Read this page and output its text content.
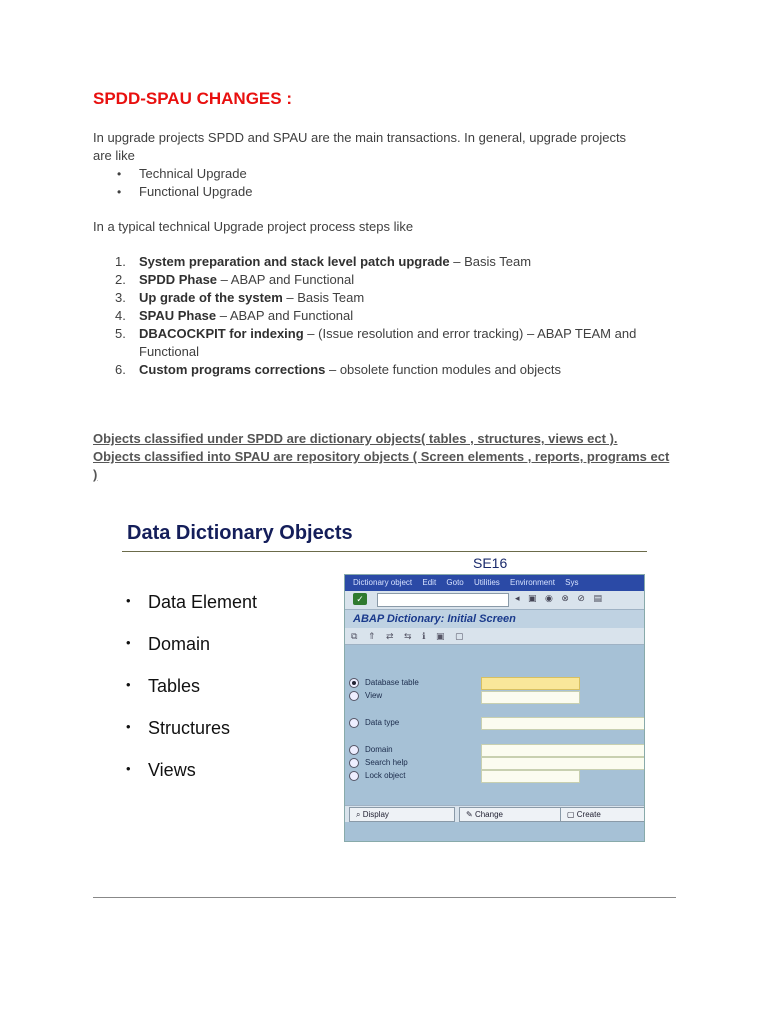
SPDD-SPAU CHANGES :

In upgrade projects SPDD and SPAU are the main transactions. In general, upgrade projects
are like

• Technical Upgrade
• Functional Upgrade

In a typical technical Upgrade project process steps like

1. System preparation and stack level patch upgrade – Basis Team
2. SPDD Phase – ABAP and Functional
3. Up grade of the system – Basis Team
4. SPAU Phase – ABAP and Functional
5. DBACOCKPIT for indexing – (Issue resolution and error tracking) – ABAP TEAM and Functional
6. Custom programs corrections – obsolete function modules and objects

Objects classified under SPDD are dictionary objects( tables , structures, views ect ).
Objects classified into SPAU are repository objects ( Screen elements , reports, programs ect )

Data Dictionary Objects
SE16
• Data Element
• Domain
• Tables
• Structures
• Views
Dictionary object Edit Goto Utilities Environment Sys
✓	◂ ▣ ◉ ⊗ ⊘ ▤
ABAP Dictionary: Initial Screen
⧉ ⇑ ⇄ ⇆ ℹ ▣ ▢
Database table
View
Data type
Domain
Search help
Lock object
⌕ Display	✎ Change	▢ Create
